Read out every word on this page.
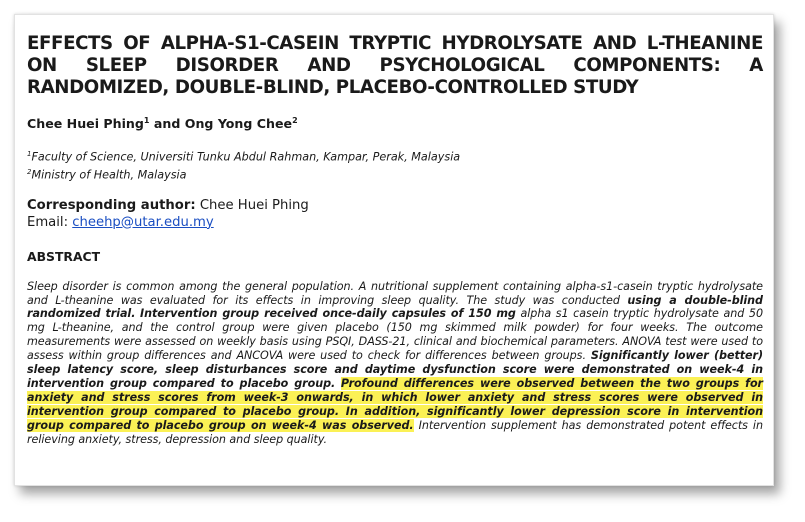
EFFECTS OF ALPHA-S1-CASEIN TRYPTIC HYDROLYSATE AND L-THEANINE ON SLEEP DISORDER AND PSYCHOLOGICAL COMPONENTS: A RANDOMIZED, DOUBLE-BLIND, PLACEBO-CONTROLLED STUDY
Chee Huei Phing$^1$ and Ong Yong Chee$^2$
$^1$Faculty of Science, Universiti Tunku Abdul Rahman, Kampar, Perak, Malaysia
$^2$Ministry of Health, Malaysia
Corresponding author: Chee Huei Phing
Email: cheehp@utar.edu.my
ABSTRACT
Sleep disorder is common among the general population. A nutritional supplement containing alpha-s1-casein tryptic hydrolysate and L-theanine was evaluated for its effects in improving sleep quality. The study was conducted using a double-blind randomized trial. Intervention group received once-daily capsules of 150 mg alpha s1 casein tryptic hydrolysate and 50 mg L-theanine, and the control group were given placebo (150 mg skimmed milk powder) for four weeks. The outcome measurements were assessed on weekly basis using PSQI, DASS-21, clinical and biochemical parameters. ANOVA test were used to assess within group differences and ANCOVA were used to check for differences between groups. Significantly lower (better) sleep latency score, sleep disturbances score and daytime dysfunction score were demonstrated on week-4 in intervention group compared to placebo group. Profound differences were observed between the two groups for anxiety and stress scores from week-3 onwards, in which lower anxiety and stress scores were observed in intervention group compared to placebo group. In addition, significantly lower depression score in intervention group compared to placebo group on week-4 was observed. Intervention supplement has demonstrated potent effects in relieving anxiety, stress, depression and sleep quality.
